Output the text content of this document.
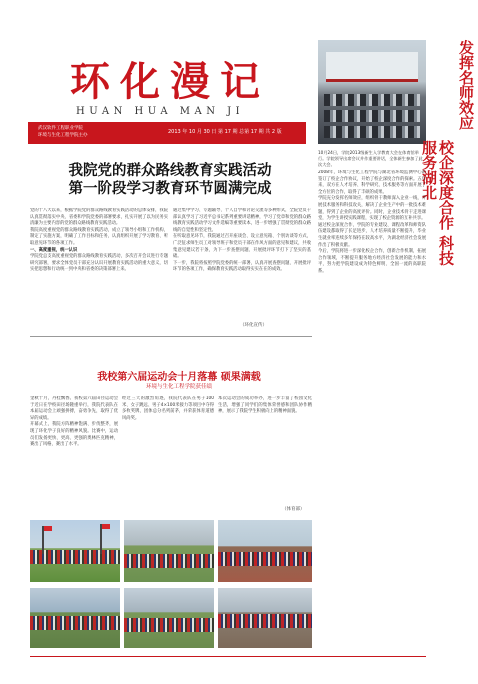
环化漫记
HUAN HUA MAN JI
武汉软件工程职业学院
环境与生化工程学院主办
2013 年 10 月 30 日 第 17 期 总第 17 期 共 2 版
发挥名师效应
校企深度合作 科技服务湖北
10月24日，学院2013级新生入学教育大会在体育馆举行。学院领导出席会议并作重要讲话，全体新生参加了此次大会。
我院党的群众路线教育实践活动
第一阶段学习教育环节圆满完成

党的十八大以来，根据学院党的群众路线教育实践活动的总体安排，我院认真贯彻落实中央、省委和学院党委的部署要求，扎实开展了以为民务实清廉为主要内容的党的群众路线教育实践活动。

我院高度重视党的群众路线教育实践活动，成立了领导小组和工作机构，制定了实施方案，明确了工作目标和任务，认真组织开展了学习教育、听取意见环节的各项工作。

一、高度重视，统一认识

学院党总支高度重视党的群众路线教育实践活动，多次召开会议进行专题研究部署，要求全体党员干部充分认识开展教育实践活动的重大意义，切实把思想和行动统一到中央和省委的决策部署上来。

通过集中学习、专题辅导、个人自学和讨论交流等多种形式，全院党员干部认真学习了习近平总书记系列重要讲话精神，学习了党章和党的群众路线教育实践活动学习文件选编等重要读本，进一步增强了贯彻党的群众路线的自觉性和坚定性。

在听取意见环节，我院通过召开座谈会、设立意见箱、个别访谈等方式，广泛征求师生员工对领导班子和党员干部在作风方面的意见和建议，共收集意见建议若干条，为下一步查摆问题、开展批评环节打下了坚实的基础。

下一步，我院将按照学院党委的统一部署，认真开展查摆问题、开展批评环节的各项工作，确保教育实践活动取得实实在在的成效。

（环化宣传）

2008年，环境与生化工程学院与湖北省环境监测中心站签订了校企合作协议，开始了校企深度合作的探索。五年来，双方在人才培养、科学研究、技术服务等方面开展了全方位的合作，取得了丰硕的成果。

学院充分发挥名师效应，组织骨干教师深入企业一线，开展技术服务和科技攻关，解决了企业生产中的一批技术难题，得到了企业的高度评价。同时，企业技术骨干走进课堂，为学生讲授实践课程，实现了校企资源的互补共享。

通过校企深度合作，学院的专业建设、课程改革和师资队伍建设都取得了长足进步，人才培养质量不断提升，毕业生就业率连续多年保持在较高水平，为湖北经济社会发展作出了积极贡献。

今后，学院将进一步深化校企合作，创新合作机制，拓展合作领域，不断提升服务地方经济社会发展的能力和水平，努力把学院建设成为特色鲜明、全国一流的高职院系。

我校第六届运动会十月落幕 硕果满载
环境与生化工程学院获佳绩

金秋十月，丹桂飘香。我校第六届田径运动会于近日在学校田径场隆重举行，我院代表队在本届运动会上顽强拼搏，奋勇争先，取得了优异的成绩。

开幕式上，我院方阵精神饱满、步伐整齐，展现了环化学子良好的精神风貌。比赛中，运动员们发扬更快、更高、更强的奥林匹克精神，赛出了风格，赛出了水平。

经过三天的激烈角逐，我院代表队在男子100米、女子跳远、男子4×100米接力等项目中夺得多枚奖牌，团体总分名列前茅，并荣获体育道德风尚奖。

本次运动会的成功举办，进一步丰富了校园文化生活，增强了同学们的集体荣誉感和团队协作精神，展示了我院学生积极向上的精神面貌。

（体育部）
